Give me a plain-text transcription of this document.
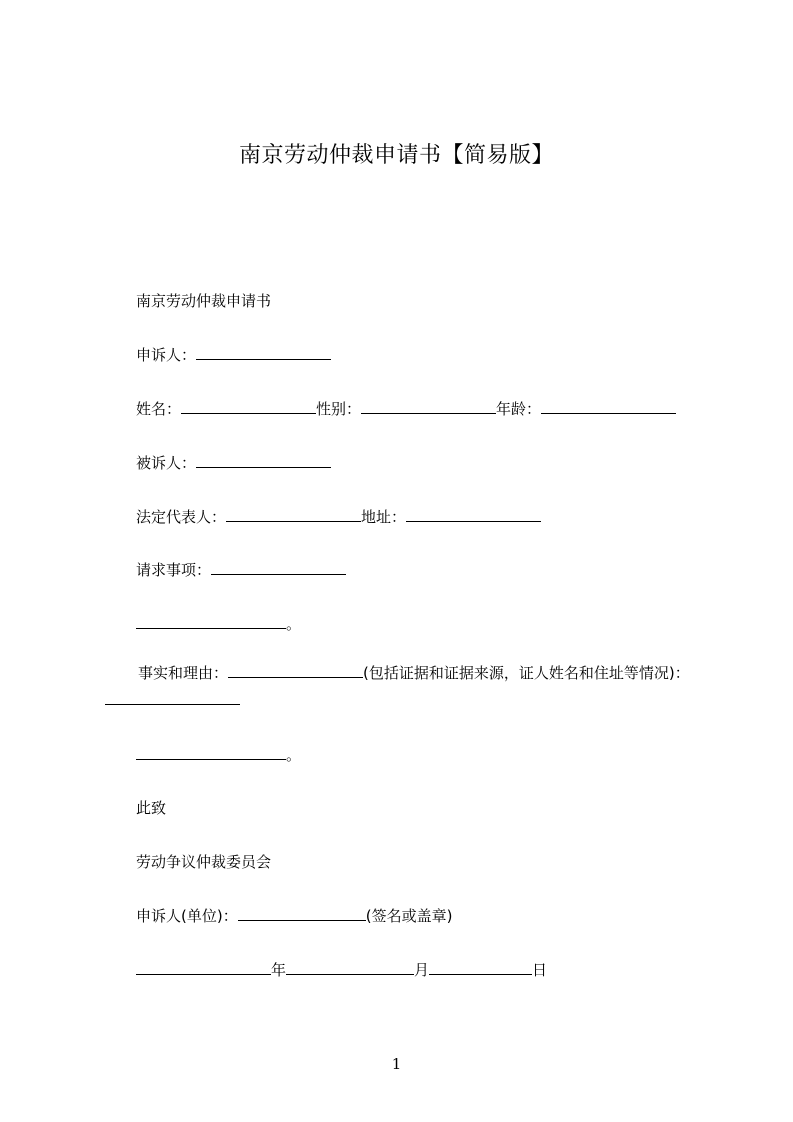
南京劳动仲裁申请书【简易版】
南京劳动仲裁申请书
申诉人：
姓名：	性别：	年龄：
被诉人：
法定代表人：	地址：
请求事项：
。
事实和理由：	(包括证据和证据来源，证人姓名和住址等情况)：
。
此致
劳动争议仲裁委员会
申诉人(单位)：	(签名或盖章)
年	月	日
1
